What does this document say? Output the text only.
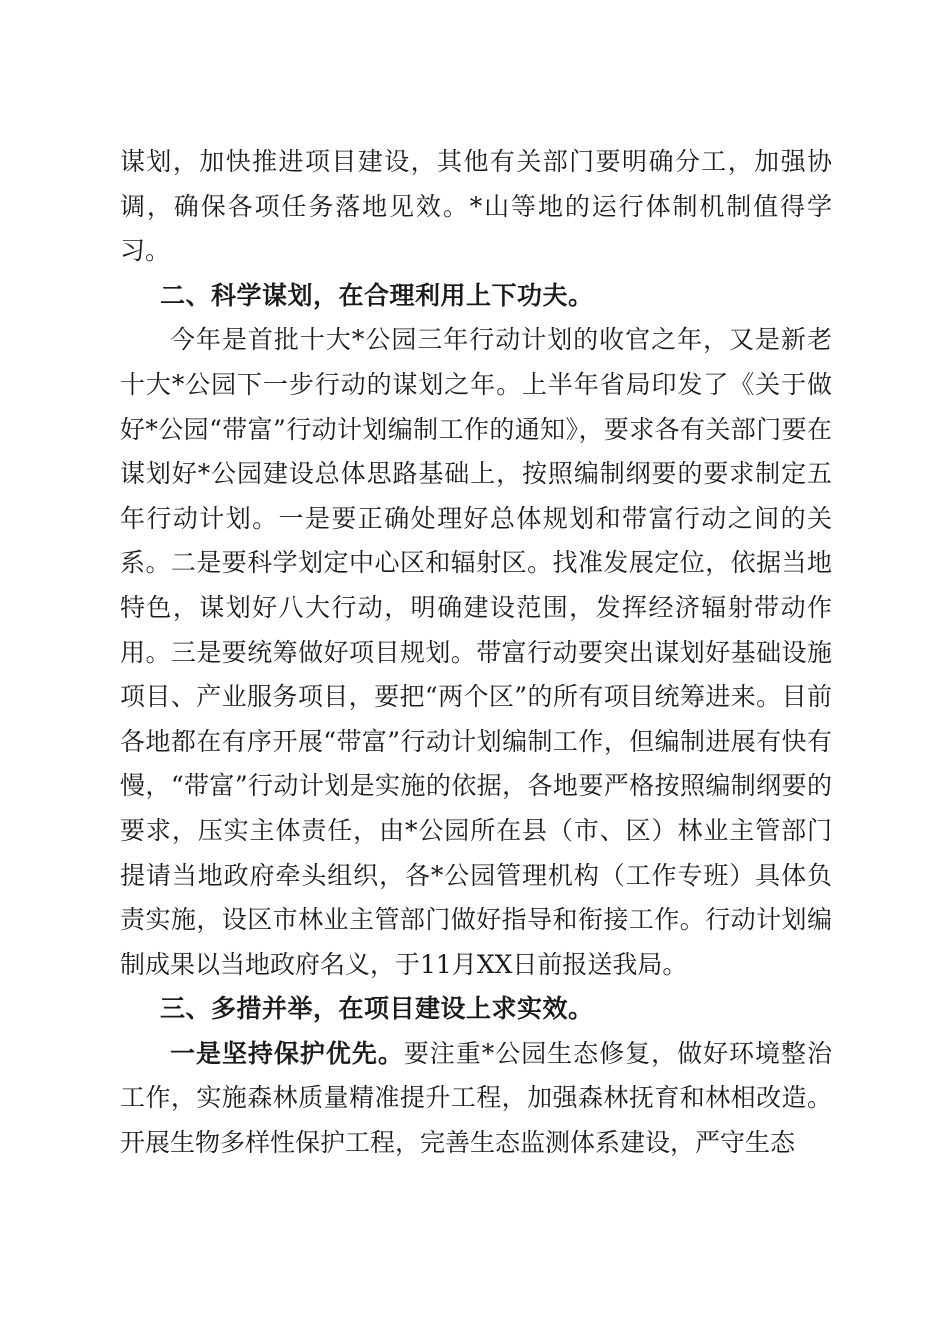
谋划，加快推进项目建设，其他有关部门要明确分工，加强协调，确保各项任务落地见效。*山等地的运行体制机制值得学习。

二、科学谋划，在合理利用上下功夫。

今年是首批十大*公园三年行动计划的收官之年，又是新老十大*公园下一步行动的谋划之年。上半年省局印发了《关于做好*公园“带富”行动计划编制工作的通知》，要求各有关部门要在谋划好*公园建设总体思路基础上，按照编制纲要的要求制定五年行动计划。一是要正确处理好总体规划和带富行动之间的关系。二是要科学划定中心区和辐射区。找准发展定位，依据当地特色，谋划好八大行动，明确建设范围，发挥经济辐射带动作用。三是要统筹做好项目规划。带富行动要突出谋划好基础设施项目、产业服务项目，要把“两个区”的所有项目统筹进来。目前各地都在有序开展“带富”行动计划编制工作，但编制进展有快有慢，“带富”行动计划是实施的依据，各地要严格按照编制纲要的要求，压实主体责任，由*公园所在县（市、区）林业主管部门提请当地政府牵头组织，各*公园管理机构（工作专班）具体负责实施，设区市林业主管部门做好指导和衔接工作。行动计划编制成果以当地政府名义，于11月XX日前报送我局。

三、多措并举，在项目建设上求实效。

一是坚持保护优先。要注重*公园生态修复，做好环境整治工作，实施森林质量精准提升工程，加强森林抚育和林相改造。开展生物多样性保护工程，完善生态监测体系建设，严守生态
